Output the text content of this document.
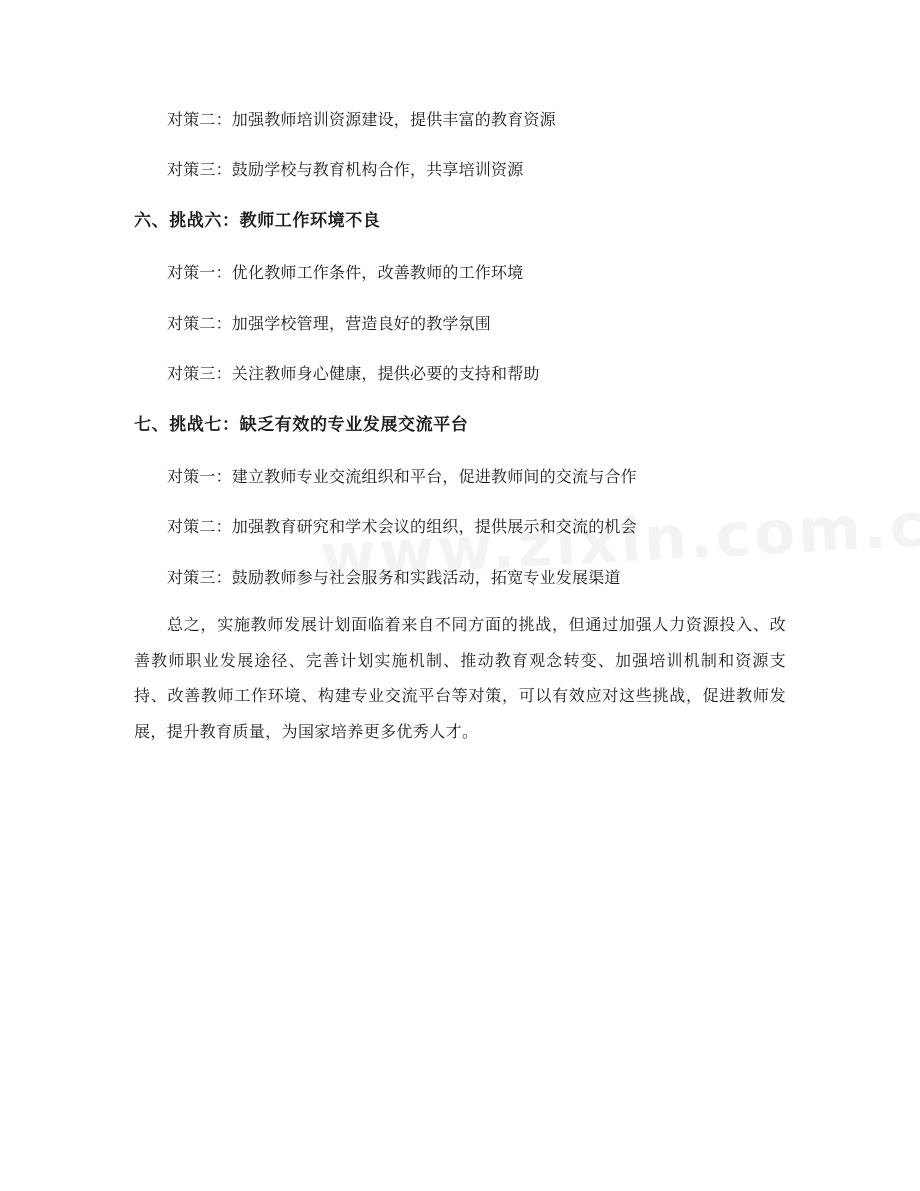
对策二：加强教师培训资源建设，提供丰富的教育资源
对策三：鼓励学校与教育机构合作，共享培训资源
六、挑战六：教师工作环境不良
对策一：优化教师工作条件，改善教师的工作环境
对策二：加强学校管理，营造良好的教学氛围
对策三：关注教师身心健康，提供必要的支持和帮助
七、挑战七：缺乏有效的专业发展交流平台
对策一：建立教师专业交流组织和平台，促进教师间的交流与合作
对策二：加强教育研究和学术会议的组织，提供展示和交流的机会
对策三：鼓励教师参与社会服务和实践活动，拓宽专业发展渠道
总之，实施教师发展计划面临着来自不同方面的挑战，但通过加强人力资源投入、改善教师职业发展途径、完善计划实施机制、推动教育观念转变、加强培训机制和资源支持、改善教师工作环境、构建专业交流平台等对策，可以有效应对这些挑战，促进教师发展，提升教育质量，为国家培养更多优秀人才。
